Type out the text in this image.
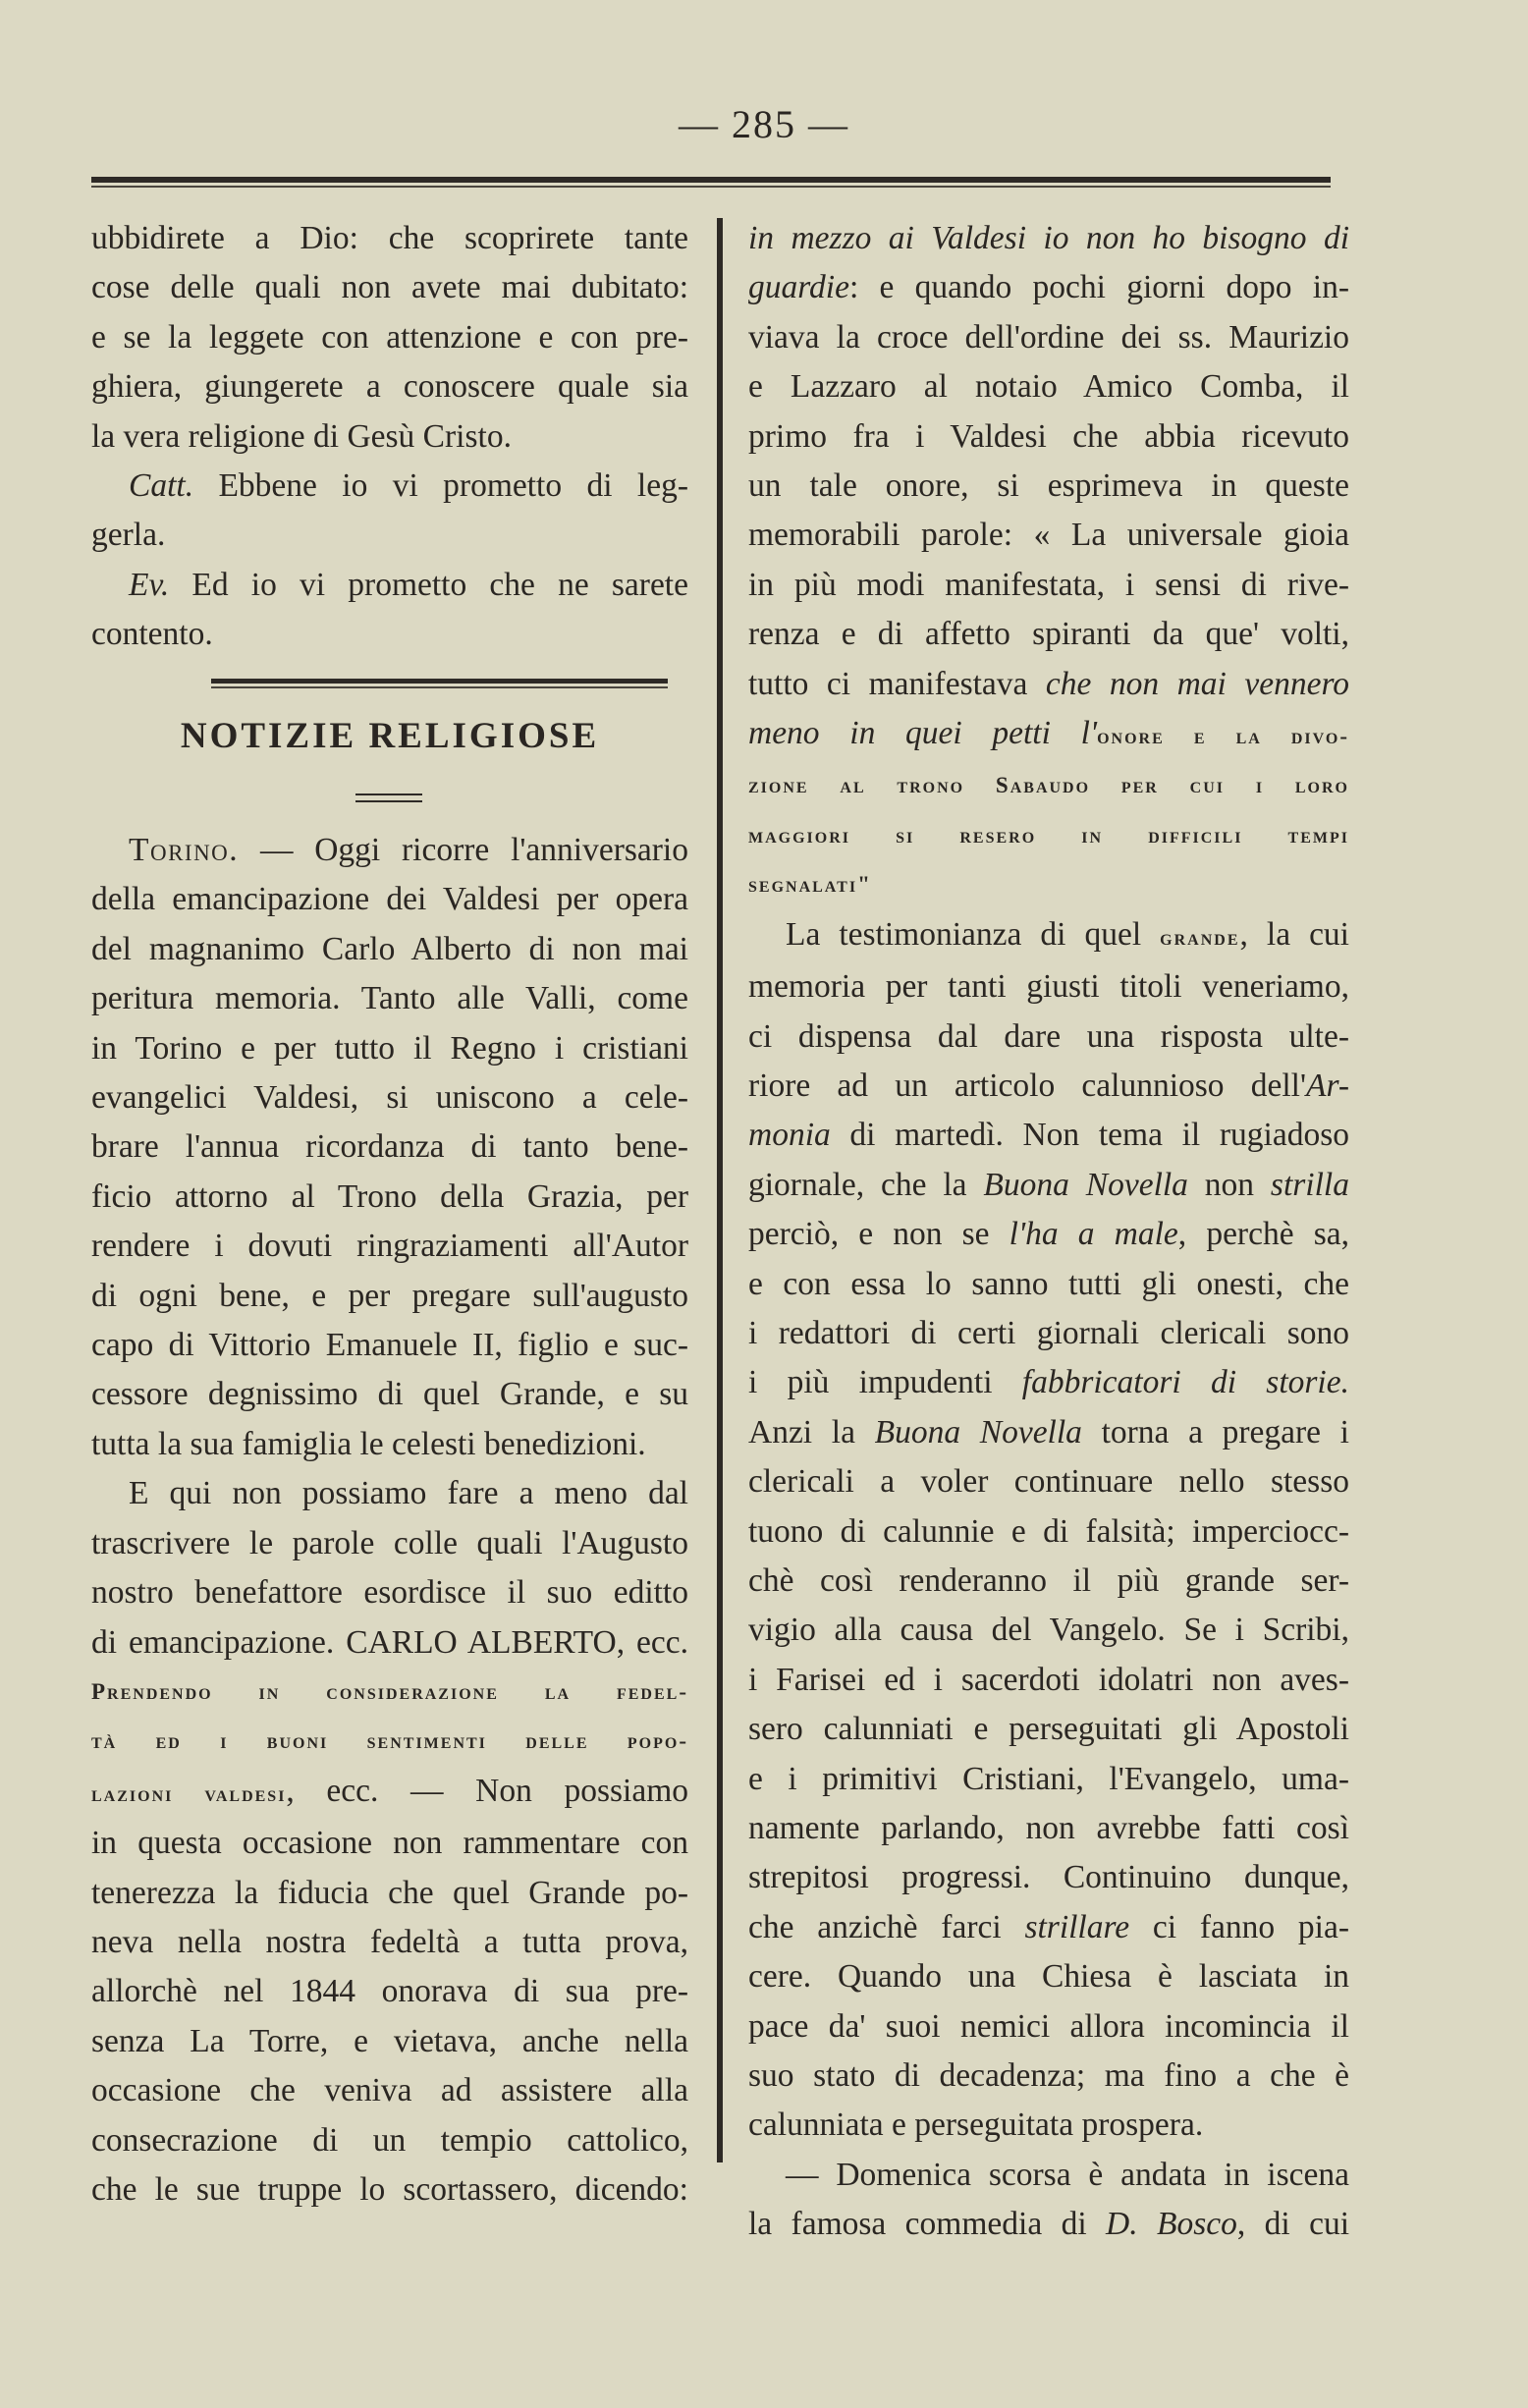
— 285 —
ubbidirete a Dio: che scoprirete tante
cose delle quali non avete mai dubitato:
e se la leggete con attenzione e con pre-
ghiera, giungerete a conoscere quale sia
la vera religione di Gesù Cristo.
Catt. Ebbene io vi prometto di leg-
gerla.
Ev. Ed io vi prometto che ne sarete
contento.
NOTIZIE RELIGIOSE
Torino. — Oggi ricorre l'anniversario
della emancipazione dei Valdesi per opera
del magnanimo Carlo Alberto di non mai
peritura memoria. Tanto alle Valli, come
in Torino e per tutto il Regno i cristiani
evangelici Valdesi, si uniscono a cele-
brare l'annua ricordanza di tanto bene-
ficio attorno al Trono della Grazia, per
rendere i dovuti ringraziamenti all'Autor
di ogni bene, e per pregare sull'augusto
capo di Vittorio Emanuele II, figlio e suc-
cessore degnissimo di quel Grande, e su
tutta la sua famiglia le celesti benedizioni.
E qui non possiamo fare a meno dal
trascrivere le parole colle quali l'Augusto
nostro benefattore esordisce il suo editto
di emancipazione. CARLO ALBERTO, ecc.
Prendendo in considerazione la fedel-
tà ed i buoni sentimenti delle popo-
lazioni valdesi, ecc. — Non possiamo
in questa occasione non rammentare con
tenerezza la fiducia che quel Grande po-
neva nella nostra fedeltà a tutta prova,
allorchè nel 1844 onorava di sua pre-
senza La Torre, e vietava, anche nella
occasione che veniva ad assistere alla
consecrazione di un tempio cattolico,
che le sue truppe lo scortassero, dicendo:
in mezzo ai Valdesi io non ho bisogno di
guardie: e quando pochi giorni dopo in-
viava la croce dell'ordine dei ss. Maurizio
e Lazzaro al notaio Amico Comba, il
primo fra i Valdesi che abbia ricevuto
un tale onore, si esprimeva in queste
memorabili parole: « La universale gioia
in più modi manifestata, i sensi di rive-
renza e di affetto spiranti da que' volti,
tutto ci manifestava che non mai vennero
meno in quei petti l'onore e la divo-
zione al trono Sabaudo per cui i loro
maggiori si resero in difficili tempi
segnalati"
La testimonianza di quel grande, la cui
memoria per tanti giusti titoli veneriamo,
ci dispensa dal dare una risposta ulte-
riore ad un articolo calunnioso dell'Ar-
monia di martedì. Non tema il rugiadoso
giornale, che la Buona Novella non strilla
perciò, e non se l'ha a male, perchè sa,
e con essa lo sanno tutti gli onesti, che
i redattori di certi giornali clericali sono
i più impudenti fabbricatori di storie.
Anzi la Buona Novella torna a pregare i
clericali a voler continuare nello stesso
tuono di calunnie e di falsità; imperciocc-
chè così renderanno il più grande ser-
vigio alla causa del Vangelo. Se i Scribi,
i Farisei ed i sacerdoti idolatri non aves-
sero calunniati e perseguitati gli Apostoli
e i primitivi Cristiani, l'Evangelo, uma-
namente parlando, non avrebbe fatti così
strepitosi progressi. Continuino dunque,
che anzichè farci strillare ci fanno pia-
cere. Quando una Chiesa è lasciata in
pace da' suoi nemici allora incomincia il
suo stato di decadenza; ma fino a che è
calunniata e perseguitata prospera.
— Domenica scorsa è andata in iscena
la famosa commedia di D. Bosco, di cui
